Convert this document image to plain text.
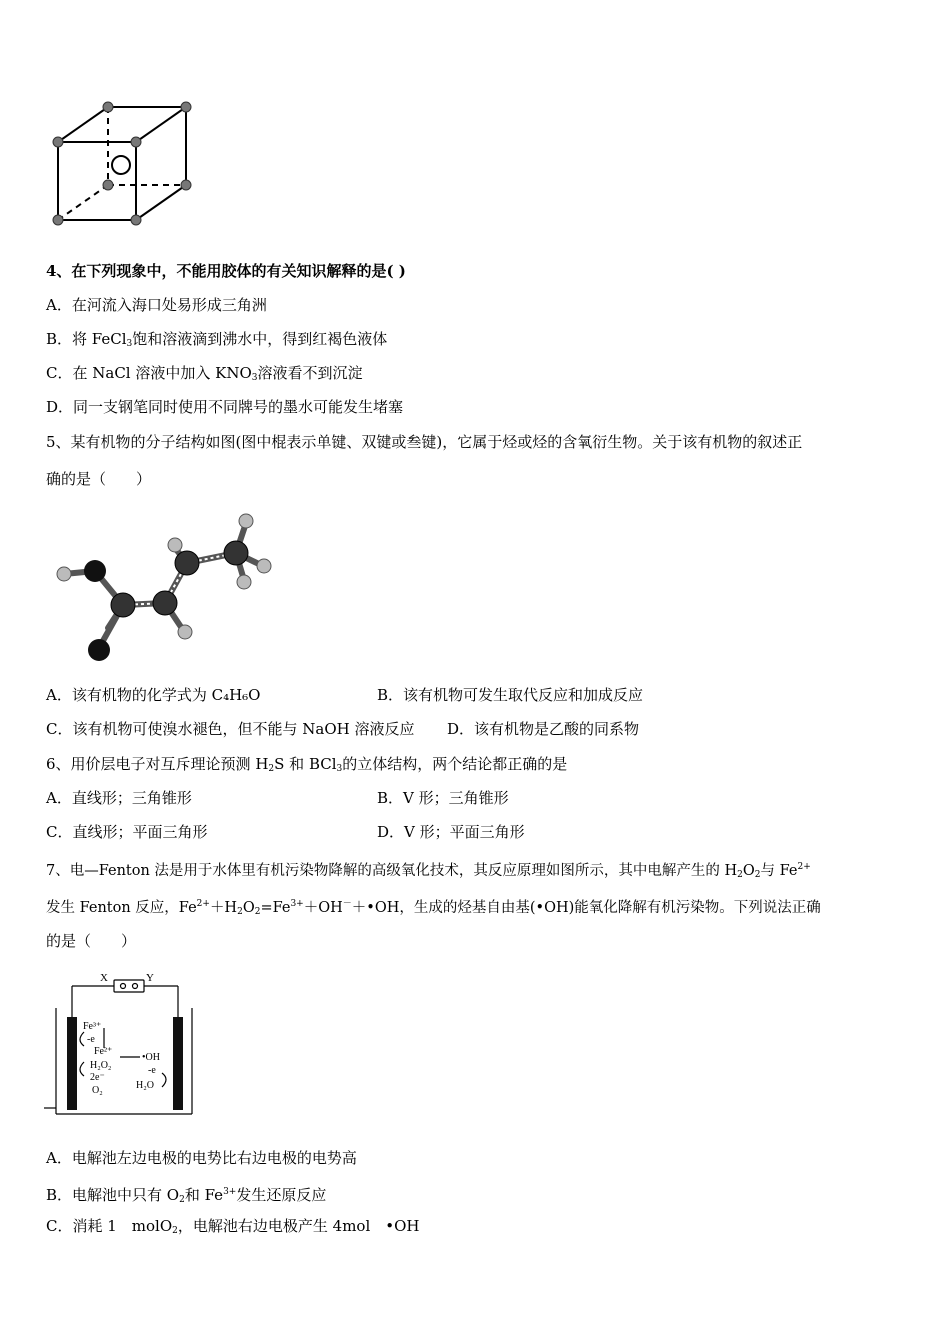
4、在下列现象中，不能用胶体的有关知识解释的是( )
A．在河流入海口处易形成三角洲
B．将 FeCl$_3$饱和溶液滴到沸水中，得到红褐色液体
C．在 NaCl 溶液中加入 $KNO_3$溶液看不到沉淀
D．同一支钢笔同时使用不同牌号的墨水可能发生堵塞
5、某有机物的分子结构如图(图中棍表示单键、双键或叁键)，它属于烃或烃的含氧衍生物。关于该有机物的叙述正
确的是（　　）
A．该有机物的化学式为 C₄H₆O	B．该有机物可发生取代反应和加成反应
C．该有机物可使溴水褪色，但不能与 NaOH 溶液反应 D．该有机物是乙酸的同系物
6、用价层电子对互斥理论预测 $H_2S$ 和 BCl$_3$的立体结构，两个结论都正确的是
A．直线形；三角锥形	B．V 形；三角锥形
C．直线形；平面三角形	D．V 形；平面三角形
7、电—Fenton 法是用于水体里有机污染物降解的高级氧化技术，其反应原理如图所示，其中电解产生的 $H_2O_2$与 $Fe^{2+}$
发生 Fenton 反应，$Fe^{2+}+H_2O_2=Fe^{3+}+OH^-+•OH$，生成的烃基自由基(•OH)能氧化降解有机污染物。下列说法正确
的是（　　）
X	Y
Fe³⁺
-e
Fe²⁺
•OH
H₂O₂	-e
2e⁻
H₂O
O₂
A．电解池左边电极的电势比右边电极的电势高
B．电解池中只有 $O_2$和 $Fe^{3+}$发生还原反应
C．消耗 1　molO$_2$，电解池右边电极产生 4mol　•OH
